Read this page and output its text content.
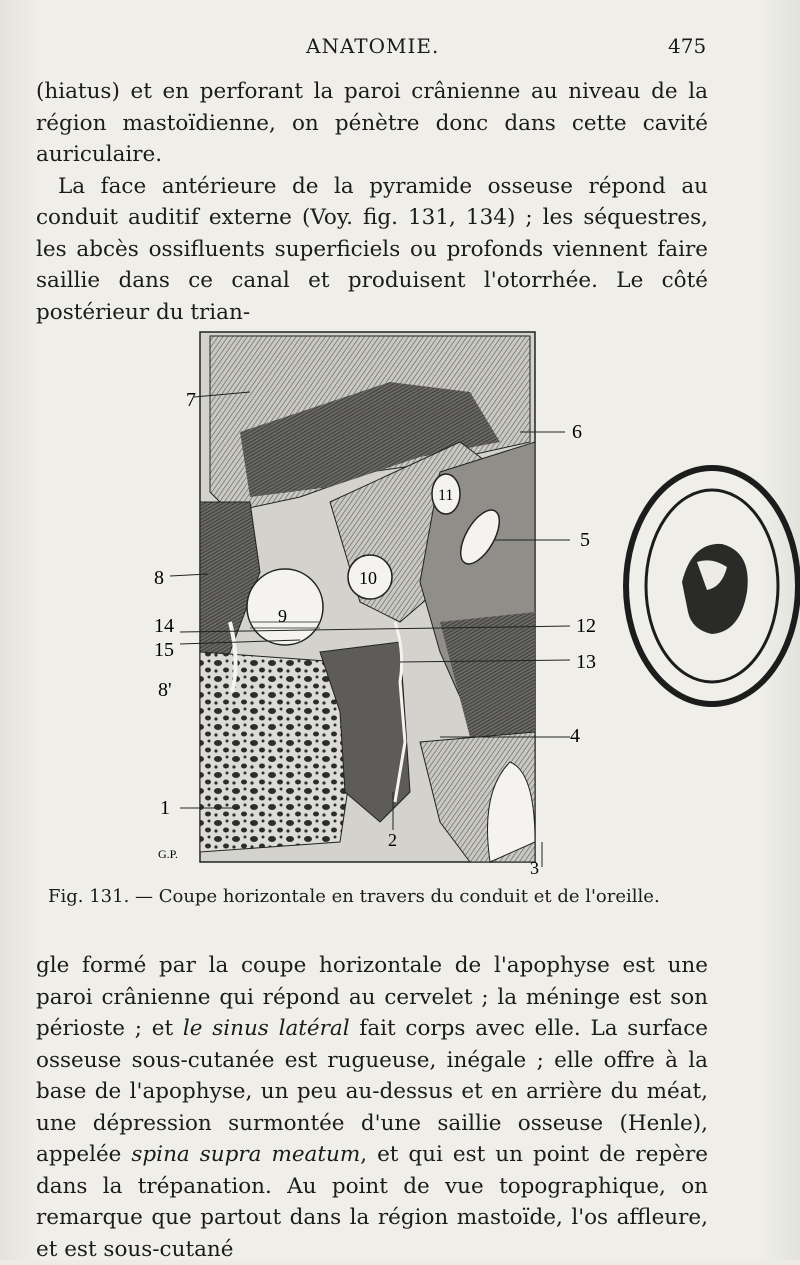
ANATOMIE.	475

(hiatus) et en perforant la paroi crânienne au niveau de la région mastoïdienne, on pénètre donc dans cette cavité auriculaire.

La face antérieure de la pyramide osseuse répond au conduit auditif externe (Voy. fig. 131, 134) ; les séquestres, les abcès ossifluents superficiels ou profonds viennent faire saillie dans ce canal et produisent l'otorrhée. Le côté postérieur du trian-

7
6
11
5
8	10
9
14
15
12
13
8'
4
1
2
3
G.P.
Fig. 131. — Coupe horizontale en travers du conduit et de l'oreille.

gle formé par la coupe horizontale de l'apophyse est une paroi crânienne qui répond au cervelet ; la méninge est son périoste ; et le sinus latéral fait corps avec elle. La surface osseuse sous-cutanée est rugueuse, inégale ; elle offre à la base de l'apophyse, un peu au-dessus et en arrière du méat, une dépression surmontée d'une saillie osseuse (Henle), appelée spina supra meatum, et qui est un point de repère dans la trépanation. Au point de vue topographique, on remarque que partout dans la région mastoïde, l'os affleure, et est sous-cutané
